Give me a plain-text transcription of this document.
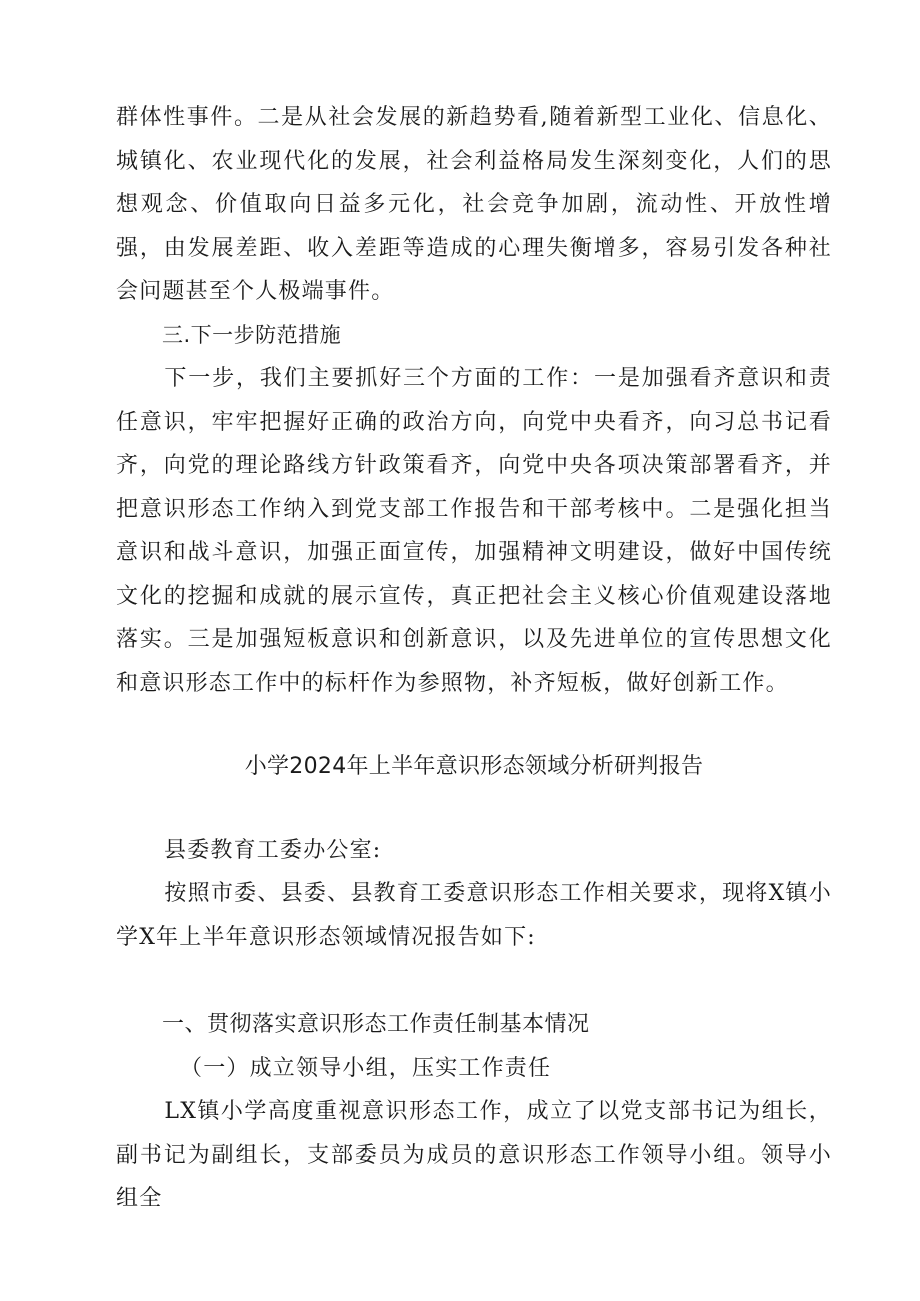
群体性事件。二是从社会发展的新趋势看,随着新型工业化、信息化、城镇化、农业现代化的发展，社会利益格局发生深刻变化，人们的思想观念、价值取向日益多元化，社会竞争加剧，流动性、开放性增强，由发展差距、收入差距等造成的心理失衡增多，容易引发各种社会问题甚至个人极端事件。

三.下一步防范措施

下一步，我们主要抓好三个方面的工作：一是加强看齐意识和责任意识，牢牢把握好正确的政治方向，向党中央看齐，向习总书记看齐，向党的理论路线方针政策看齐，向党中央各项决策部署看齐，并把意识形态工作纳入到党支部工作报告和干部考核中。二是强化担当意识和战斗意识，加强正面宣传，加强精神文明建设，做好中国传统文化的挖掘和成就的展示宣传，真正把社会主义核心价值观建设落地落实。三是加强短板意识和创新意识，以及先进单位的宣传思想文化和意识形态工作中的标杆作为参照物，补齐短板，做好创新工作。

小学2024年上半年意识形态领域分析研判报告

县委教育工委办公室:

按照市委、县委、县教育工委意识形态工作相关要求，现将X镇小学X年上半年意识形态领域情况报告如下:

一、贯彻落实意识形态工作责任制基本情况

（一）成立领导小组，压实工作责任

LX镇小学高度重视意识形态工作，成立了以党支部书记为组长，副书记为副组长，支部委员为成员的意识形态工作领导小组。领导小组全
